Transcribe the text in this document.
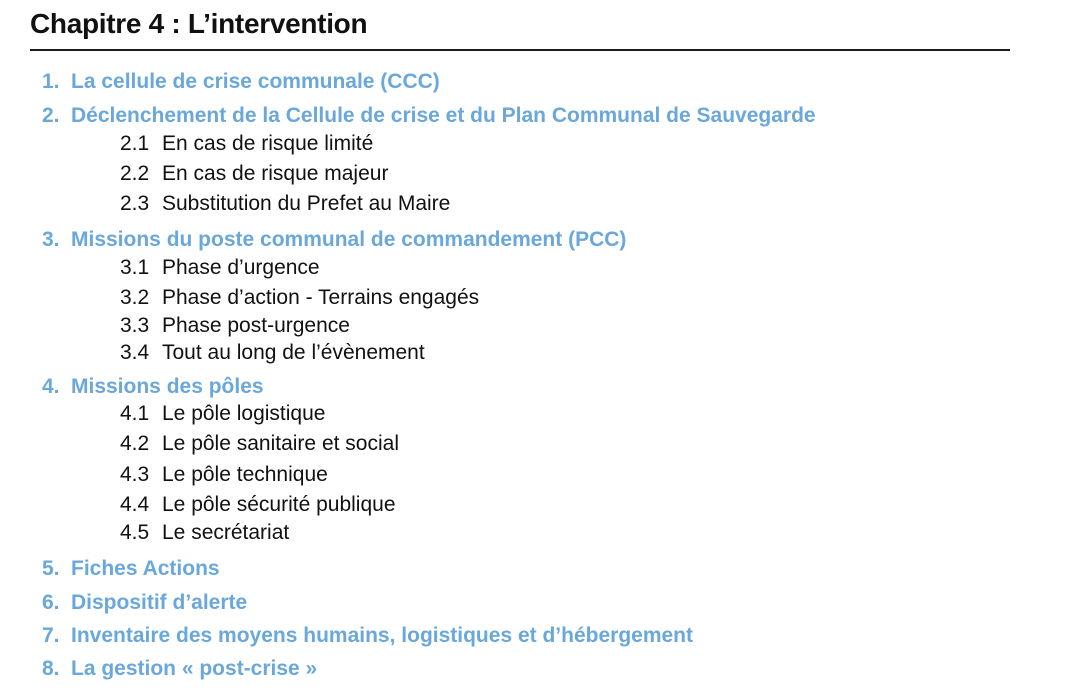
Chapitre 4 : L’intervention
1. La cellule de crise communale (CCC)
2. Déclenchement de la Cellule de crise et du Plan Communal de Sauvegarde
2.1 En cas de risque limité
2.2 En cas de risque majeur
2.3 Substitution du Prefet au Maire
3. Missions du poste communal de commandement (PCC)
3.1 Phase d’urgence
3.2 Phase d’action - Terrains engagés
3.3 Phase post-urgence
3.4 Tout au long de l’évènement
4. Missions des pôles
4.1 Le pôle logistique
4.2 Le pôle sanitaire et social
4.3 Le pôle technique
4.4 Le pôle sécurité publique
4.5 Le secrétariat
5. Fiches Actions
6. Dispositif d’alerte
7. Inventaire des moyens humains, logistiques et d’hébergement
8. La gestion « post-crise »
